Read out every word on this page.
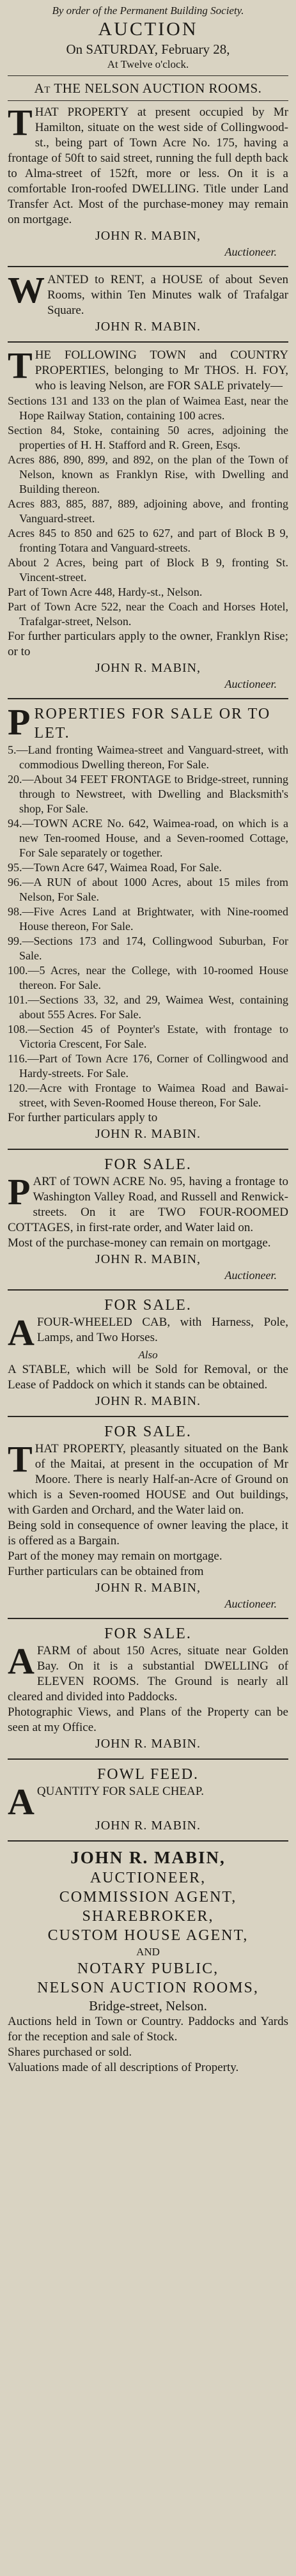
By order of the Permanent Building Society.
AUCTION
On SATURDAY, February 28,
At Twelve o'clock.
At THE NELSON AUCTION ROOMS.
T HAT PROPERTY at present occupied by Mr Hamilton, situate on the west side of Collingwood-st., being part of Town Acre No. 175, having a frontage of 50ft to said street, running the full depth back to Alma-street of 152ft, more or less. On it is a comfortable Iron-roofed DWELLING. Title under Land Transfer Act. Most of the purchase-money may remain on mortgage.
JOHN R. MABIN,
Auctioneer.
W ANTED to RENT, a HOUSE of about Seven Rooms, within Ten Minutes walk of Trafalgar Square.
JOHN R. MABIN.
T HE FOLLOWING TOWN and COUNTRY PROPERTIES, belonging to Mr THOS. H. FOY, who is leaving Nelson, are FOR SALE privately—
Sections 131 and 133 on the plan of Waimea East, near the Hope Railway Station, containing 100 acres.
Section 84, Stoke, containing 50 acres, adjoining the properties of H. H. Stafford and R. Green, Esqs.
Acres 886, 890, 899, and 892, on the plan of the Town of Nelson, known as Franklyn Rise, with Dwelling and Building thereon.
Acres 883, 885, 887, 889, adjoining above, and fronting Vanguard-street.
Acres 845 to 850 and 625 to 627, and part of Block B 9, fronting Totara and Vanguard-streets.
About 2 Acres, being part of Block B 9, fronting St. Vincent-street.
Part of Town Acre 448, Hardy-st., Nelson.
Part of Town Acre 522, near the Coach and Horses Hotel, Trafalgar-street, Nelson.
For further particulars apply to the owner, Franklyn Rise; or to
JOHN R. MABIN,
Auctioneer.
P ROPERTIES FOR SALE OR TO LET.
5.—Land fronting Waimea-street and Vanguard-street, with commodious Dwelling thereon, For Sale.
20.—About 34 FEET FRONTAGE to Bridge-street, running through to Newstreet, with Dwelling and Blacksmith's shop, For Sale.
94.—TOWN ACRE No. 642, Waimea-road, on which is a new Ten-roomed House, and a Seven-roomed Cottage, For Sale separately or together.
95.—Town Acre 647, Waimea Road, For Sale.
96.—A RUN of about 1000 Acres, about 15 miles from Nelson, For Sale.
98.—Five Acres Land at Brightwater, with Nine-roomed House thereon, For Sale.
99.—Sections 173 and 174, Collingwood Suburban, For Sale.
100.—5 Acres, near the College, with 10-roomed House thereon. For Sale.
101.—Sections 33, 32, and 29, Waimea West, containing about 555 Acres. For Sale.
108.—Section 45 of Poynter's Estate, with frontage to Victoria Crescent, For Sale.
116.—Part of Town Acre 176, Corner of Collingwood and Hardy-streets. For Sale.
120.—Acre with Frontage to Waimea Road and Bawai-street, with Seven-Roomed House thereon, For Sale.
For further particulars apply to
JOHN R. MABIN.
FOR SALE.
P ART of TOWN ACRE No. 95, having a frontage to Washington Valley Road, and Russell and Renwick-streets. On it are TWO FOUR-ROOMED COTTAGES, in first-rate order, and Water laid on.
Most of the purchase-money can remain on mortgage.
JOHN R. MABIN,
Auctioneer.
FOR SALE.
A FOUR-WHEELED CAB, with Harness, Pole, Lamps, and Two Horses.
Also
A STABLE, which will be Sold for Removal, or the Lease of Paddock on which it stands can be obtained.
JOHN R. MABIN.
FOR SALE.
T HAT PROPERTY, pleasantly situated on the Bank of the Maitai, at present in the occupation of Mr Moore. There is nearly Half-an-Acre of Ground on which is a Seven-roomed HOUSE and Out buildings, with Garden and Orchard, and the Water laid on.
Being sold in consequence of owner leaving the place, it is offered as a Bargain.
Part of the money may remain on mortgage.
Further particulars can be obtained from
JOHN R. MABIN,
Auctioneer.
FOR SALE.
A FARM of about 150 Acres, situate near Golden Bay. On it is a substantial DWELLING of ELEVEN ROOMS. The Ground is nearly all cleared and divided into Paddocks.
Photographic Views, and Plans of the Property can be seen at my Office.
JOHN R. MABIN.
FOWL FEED.
A QUANTITY FOR SALE CHEAP.
JOHN R. MABIN.
JOHN R. MABIN,
AUCTIONEER,
COMMISSION AGENT,
SHAREBROKER,
CUSTOM HOUSE AGENT,
AND
NOTARY PUBLIC,
NELSON AUCTION ROOMS,
Bridge-street, Nelson.
Auctions held in Town or Country. Paddocks and Yards for the reception and sale of Stock.
Shares purchased or sold.
Valuations made of all descriptions of Property.
